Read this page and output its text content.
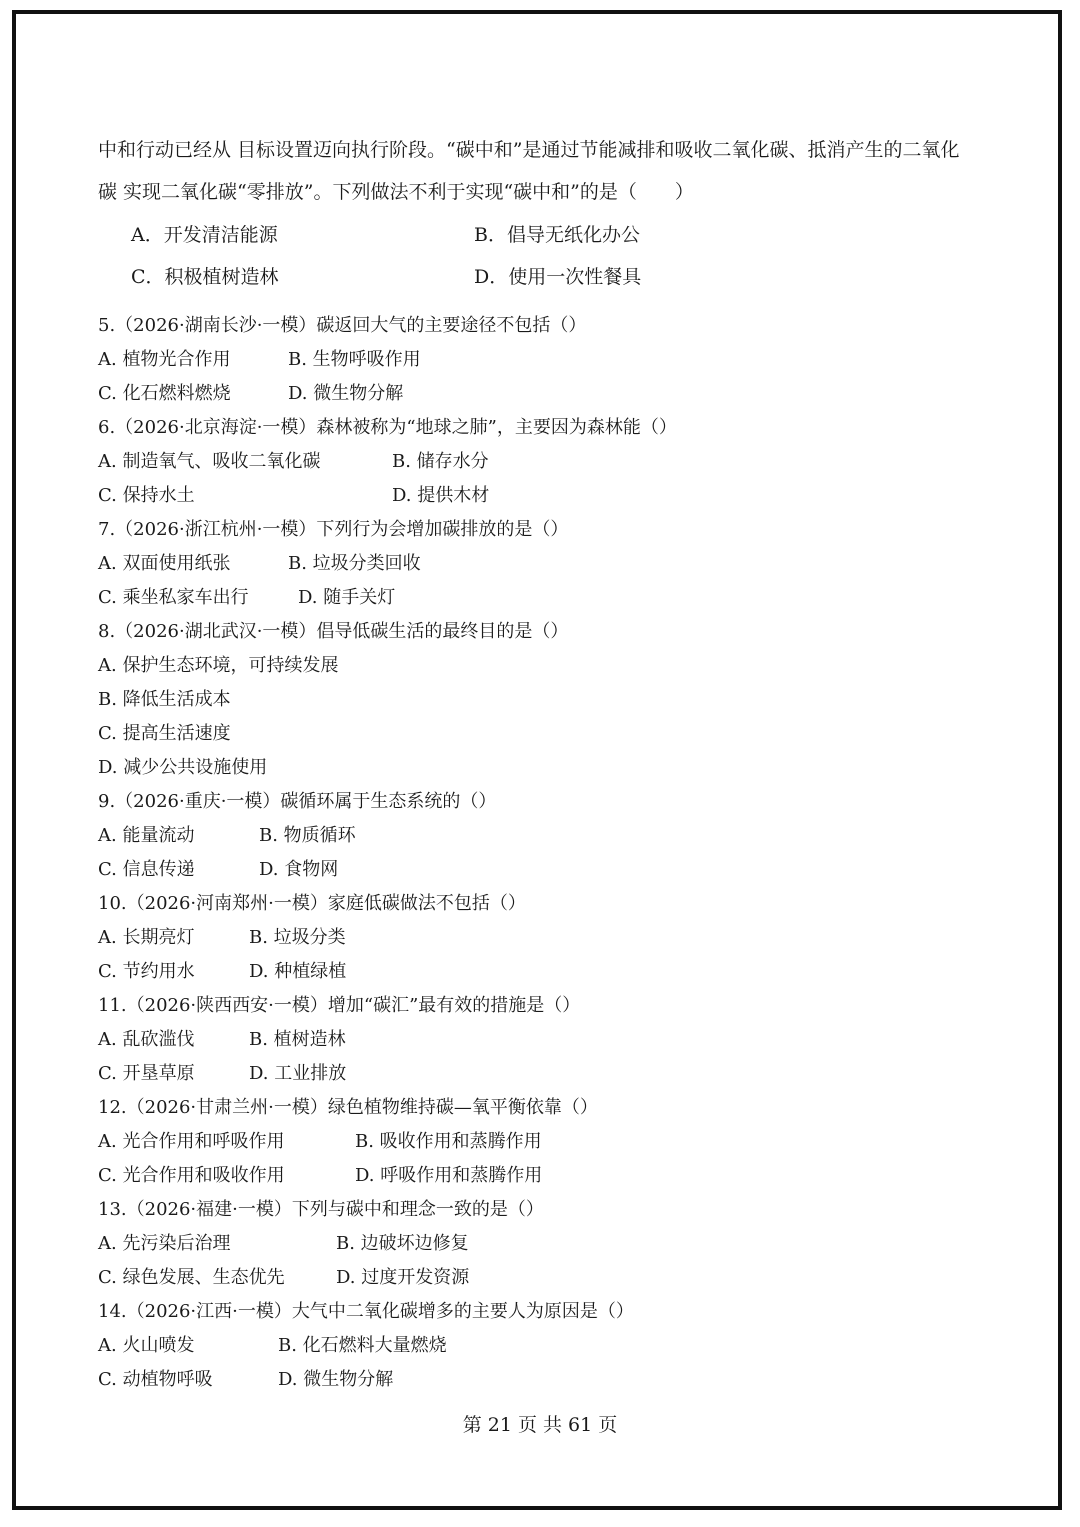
中和行动已经从 目标设置迈向执行阶段。“碳中和”是通过节能减排和吸收二氧化碳、抵消产生的二氧化
碳 实现二氧化碳“零排放”。下列做法不利于实现“碳中和”的是（　　）
A．开发清洁能源	B．倡导无纸化办公
C．积极植树造林	D．使用一次性餐具
5.（2026·湖南长沙·一模）碳返回大气的主要途径不包括（）
A. 植物光合作用	B. 生物呼吸作用
C. 化石燃料燃烧	D. 微生物分解
6.（2026·北京海淀·一模）森林被称为“地球之肺”，主要因为森林能（）
A. 制造氧气、吸收二氧化碳	B. 储存水分
C. 保持水土	D. 提供木材
7.（2026·浙江杭州·一模）下列行为会增加碳排放的是（）
A. 双面使用纸张	B. 垃圾分类回收
C. 乘坐私家车出行	D. 随手关灯
8.（2026·湖北武汉·一模）倡导低碳生活的最终目的是（）
A. 保护生态环境，可持续发展
B. 降低生活成本
C. 提高生活速度
D. 减少公共设施使用
9.（2026·重庆·一模）碳循环属于生态系统的（）
A. 能量流动	B. 物质循环
C. 信息传递	D. 食物网
10.（2026·河南郑州·一模）家庭低碳做法不包括（）
A. 长期亮灯	B. 垃圾分类
C. 节约用水	D. 种植绿植
11.（2026·陕西西安·一模）增加“碳汇”最有效的措施是（）
A. 乱砍滥伐	B. 植树造林
C. 开垦草原	D. 工业排放
12.（2026·甘肃兰州·一模）绿色植物维持碳—氧平衡依靠（）
A. 光合作用和呼吸作用	B. 吸收作用和蒸腾作用
C. 光合作用和吸收作用	D. 呼吸作用和蒸腾作用
13.（2026·福建·一模）下列与碳中和理念一致的是（）
A. 先污染后治理	B. 边破坏边修复
C. 绿色发展、生态优先	D. 过度开发资源
14.（2026·江西·一模）大气中二氧化碳增多的主要人为原因是（）
A. 火山喷发	B. 化石燃料大量燃烧
C. 动植物呼吸	D. 微生物分解
第 21 页 共 61 页
